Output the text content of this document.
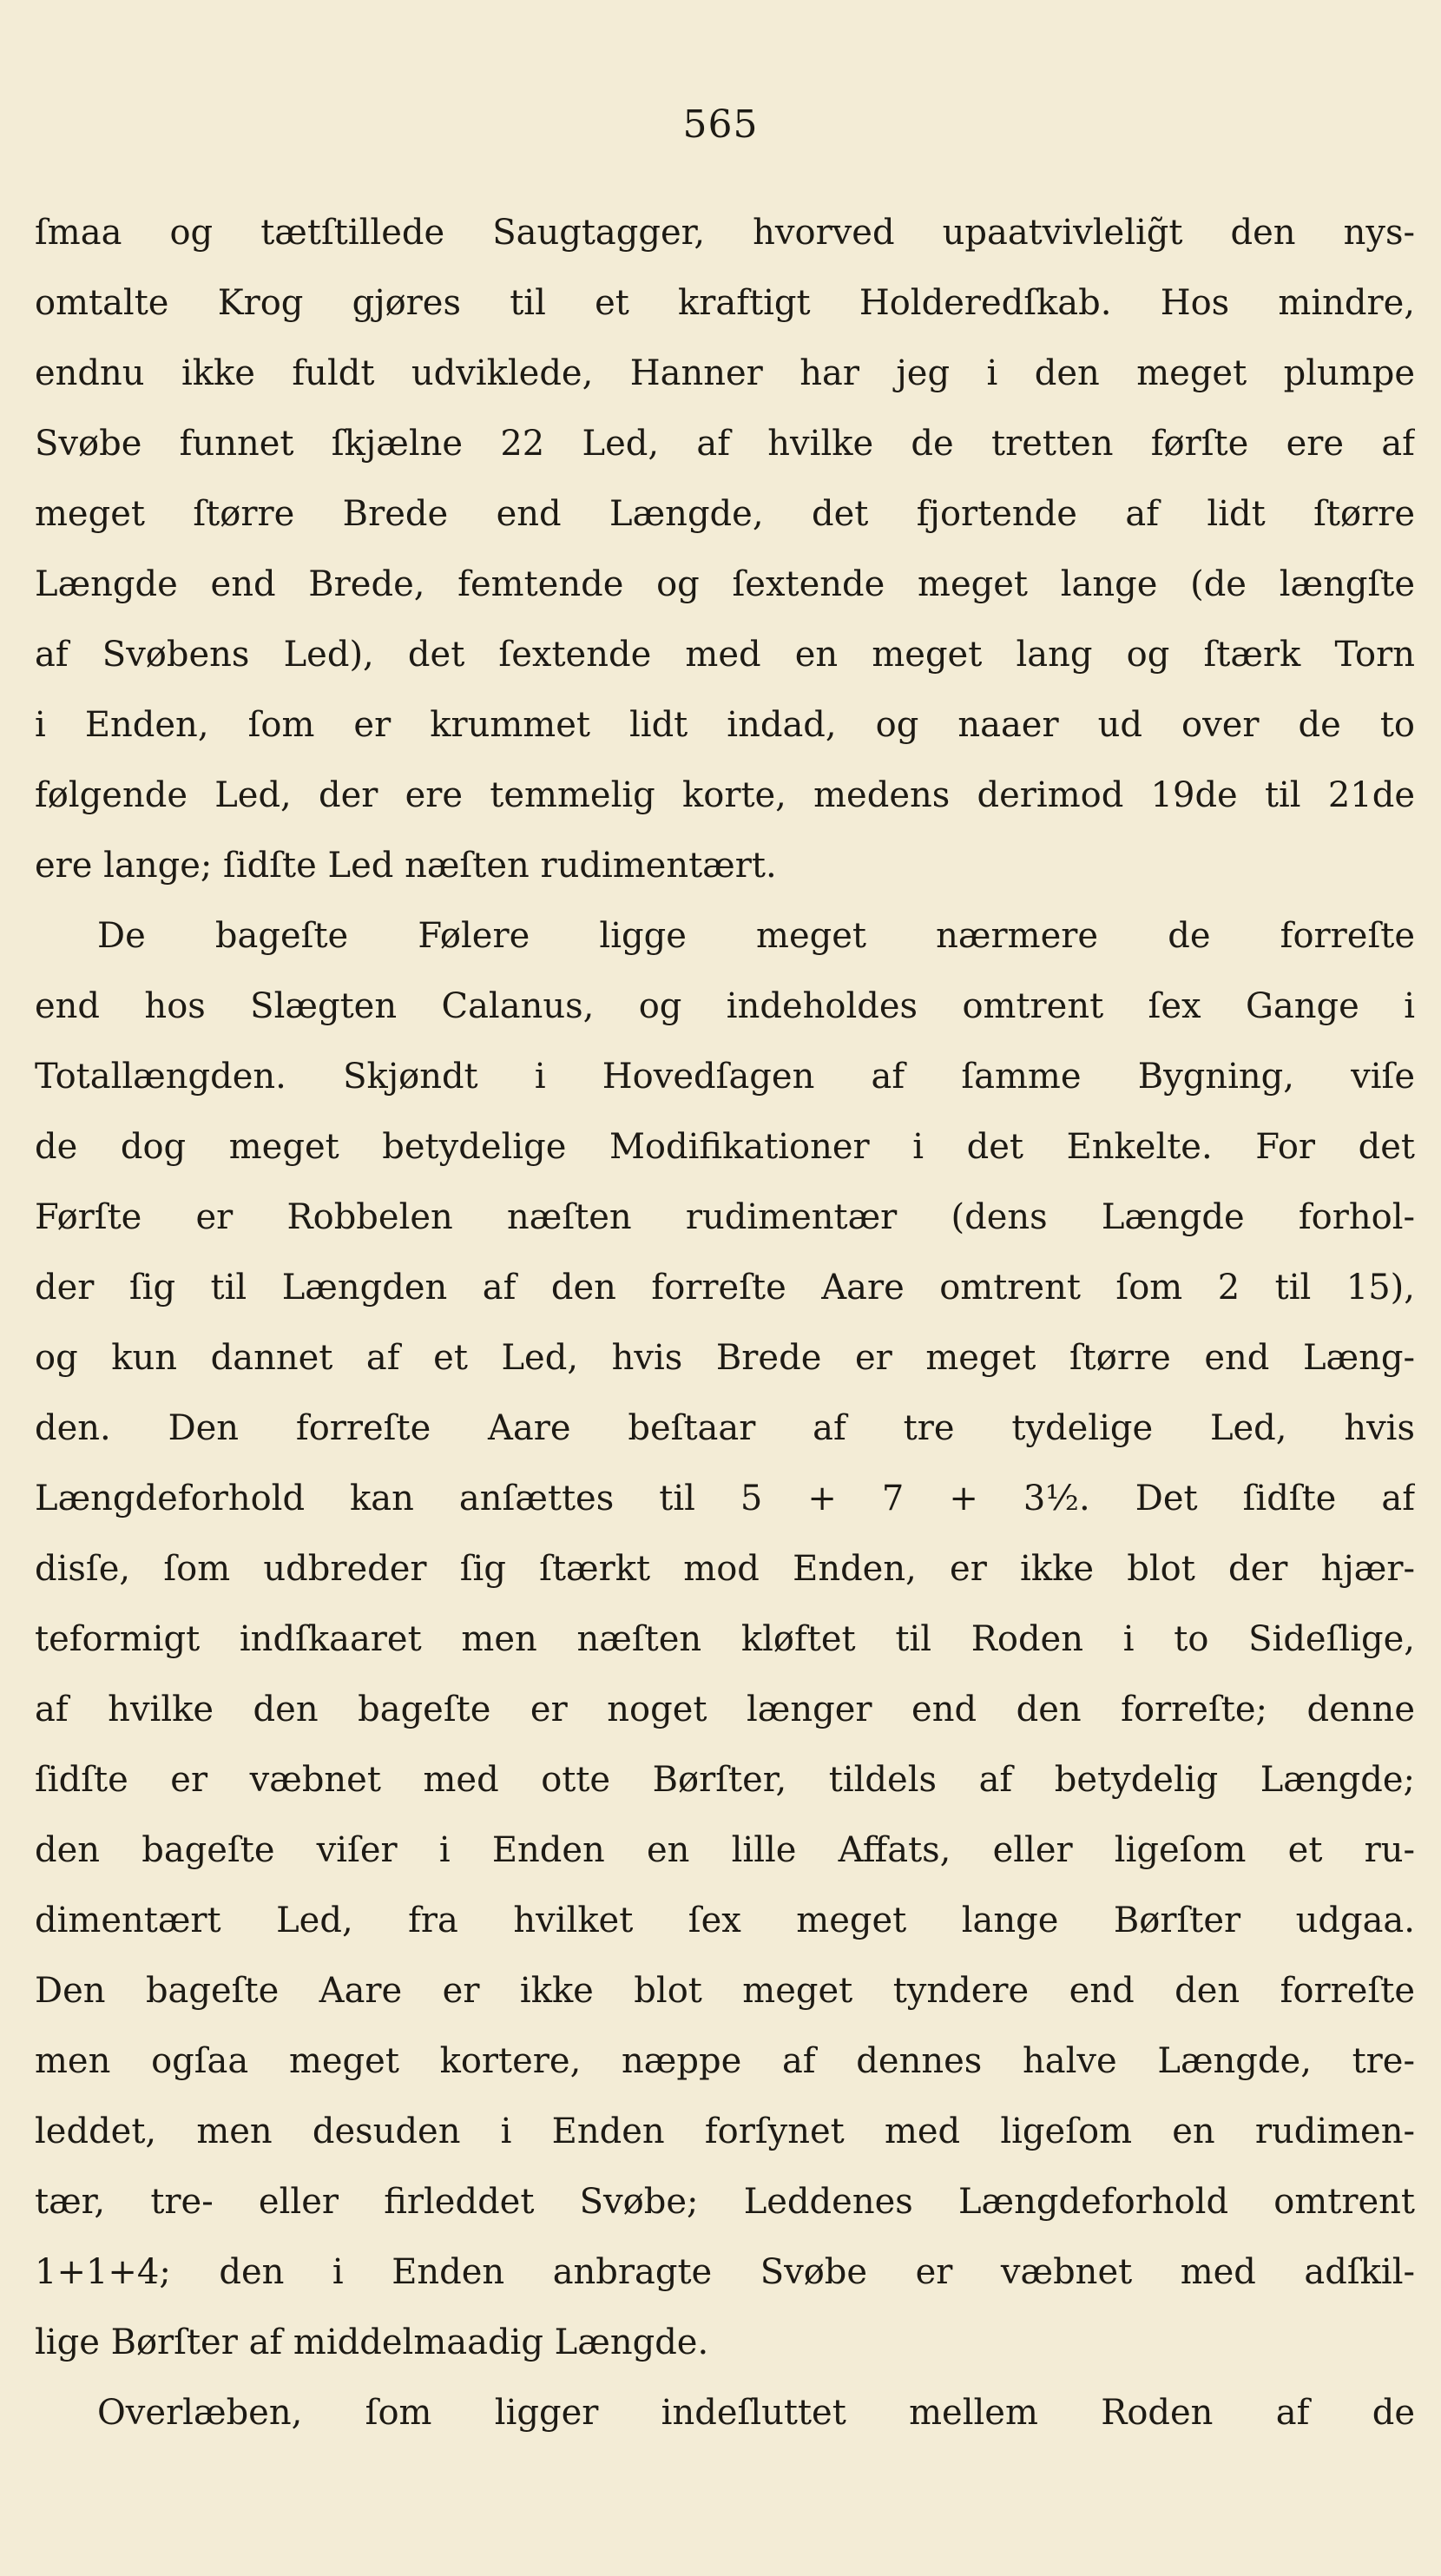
565
ſmaa og tætſtillede Saugtagger, hvorved upaatvivlelig̃t den nys-
omtalte Krog gjøres til et kraftigt Holderedſkab. Hos mindre,
endnu ikke fuldt udviklede, Hanner har jeg i den meget plumpe
Svøbe funnet ſkjælne 22 Led, af hvilke de tretten førſte ere af
meget ſtørre Brede end Længde, det fjortende af lidt ſtørre
Længde end Brede, femtende og ſextende meget lange (de længſte
af Svøbens Led), det ſextende med en meget lang og ſtærk Torn
i Enden, ſom er krummet lidt indad, og naaer ud over de to
følgende Led, der ere temmelig korte, medens derimod 19de til 21de
ere lange; ſidſte Led næſten rudimentært.
De bageſte Følere ligge meget nærmere de forreſte
end hos Slægten Calanus, og indeholdes omtrent ſex Gange i
Totallængden. Skjøndt i Hovedſagen af ſamme Bygning, viſe
de dog meget betydelige Modifikationer i det Enkelte. For det
Førſte er Robbelen næſten rudimentær (dens Længde forhol-
der ſig til Længden af den forreſte Aare omtrent ſom 2 til 15),
og kun dannet af et Led, hvis Brede er meget ſtørre end Læng-
den. Den forreſte Aare beſtaar af tre tydelige Led, hvis
Længdeforhold kan anſættes til 5 + 7 + 3½. Det ſidſte af
disſe, ſom udbreder ſig ſtærkt mod Enden, er ikke blot der hjær-
teformigt indſkaaret men næſten kløftet til Roden i to Sideſlige,
af hvilke den bageſte er noget længer end den forreſte; denne
ſidſte er væbnet med otte Børſter, tildels af betydelig Længde;
den bageſte viſer i Enden en lille Affats, eller ligeſom et ru-
dimentært Led, fra hvilket ſex meget lange Børſter udgaa.
Den bageſte Aare er ikke blot meget tyndere end den forreſte
men ogſaa meget kortere, næppe af dennes halve Længde, tre-
leddet, men desuden i Enden forſynet med ligeſom en rudimen-
tær, tre- eller firleddet Svøbe; Leddenes Længdeforhold omtrent
1+1+4; den i Enden anbragte Svøbe er væbnet med adſkil-
lige Børſter af middelmaadig Længde.
Overlæben, ſom ligger indeſluttet mellem Roden af de
